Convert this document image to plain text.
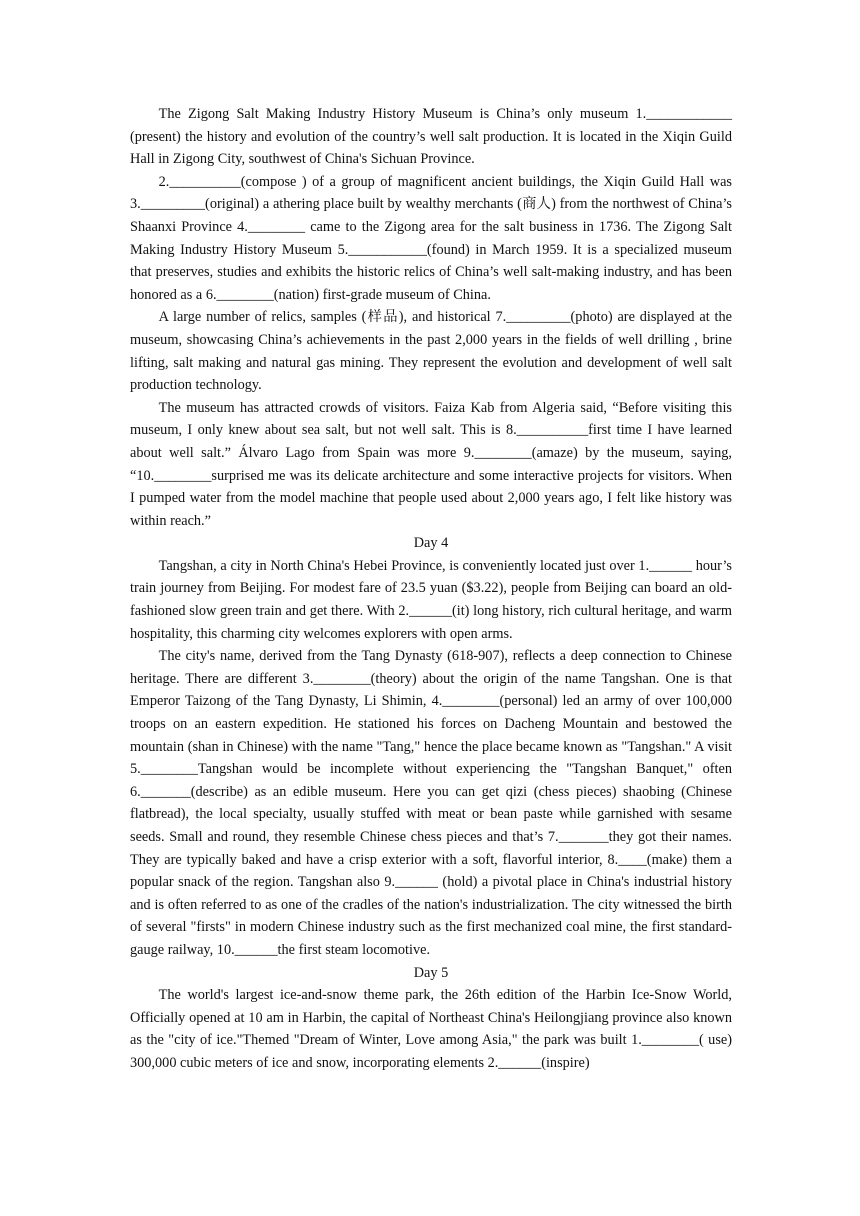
The Zigong Salt Making Industry History Museum is China’s only museum 1.____________ (present) the history and evolution of the country’s well salt production. It is located in the Xiqin Guild Hall in Zigong City, southwest of China's Sichuan Province.

2.__________(compose ) of a group of magnificent ancient buildings, the Xiqin Guild Hall was 3._________(original) a athering place built by wealthy merchants (商人) from the northwest of China’s Shaanxi Province 4.________ came to the Zigong area for the salt business in 1736. The Zigong Salt Making Industry History Museum 5.___________(found) in March 1959. It is a specialized museum that preserves, studies and exhibits the historic relics of China’s well salt-making industry, and has been honored as a 6.________(nation) first-grade museum of China.

A large number of relics, samples (样品), and historical 7._________(photo) are displayed at the museum, showcasing China’s achievements in the past 2,000 years in the fields of well drilling , brine lifting, salt making and natural gas mining. They represent the evolution and development of well salt production technology.

The museum has attracted crowds of visitors. Faiza Kab from Algeria said, “Before visiting this museum, I only knew about sea salt, but not well salt. This is 8.__________first time I have learned about well salt.” Álvaro Lago from Spain was more 9.________(amaze) by the museum, saying, “10.________surprised me was its delicate architecture and some interactive projects for visitors. When I pumped water from the model machine that people used about 2,000 years ago, I felt like history was within reach.”

Day 4

Tangshan, a city in North China's Hebei Province, is conveniently located just over 1.______ hour’s train journey from Beijing. For modest fare of 23.5 yuan ($3.22), people from Beijing can board an old-fashioned slow green train and get there. With 2.______(it) long history, rich cultural heritage, and warm hospitality, this charming city welcomes explorers with open arms.

The city's name, derived from the Tang Dynasty (618-907), reflects a deep connection to Chinese heritage. There are different 3.________(theory) about the origin of the name Tangshan. One is that Emperor Taizong of the Tang Dynasty, Li Shimin, 4.________(personal) led an army of over 100,000 troops on an eastern expedition. He stationed his forces on Dacheng Mountain and bestowed the mountain (shan in Chinese) with the name "Tang," hence the place became known as "Tangshan." A visit 5.________Tangshan would be incomplete without experiencing the "Tangshan Banquet," often 6._______(describe) as an edible museum. Here you can get qizi (chess pieces) shaobing (Chinese flatbread), the local specialty, usually stuffed with meat or bean paste while garnished with sesame seeds. Small and round, they resemble Chinese chess pieces and that’s 7._______they got their names. They are typically baked and have a crisp exterior with a soft, flavorful interior, 8.____(make) them a popular snack of the region. Tangshan also 9.______ (hold) a pivotal place in China's industrial history and is often referred to as one of the cradles of the nation's industrialization. The city witnessed the birth of several "firsts" in modern Chinese industry such as the first mechanized coal mine, the first standard-gauge railway, 10.______the first steam locomotive.

Day 5

The world's largest ice-and-snow theme park, the 26th edition of the Harbin Ice-Snow World, Officially opened at 10 am in Harbin, the capital of Northeast China's Heilongjiang province also known as the "city of ice."Themed "Dream of Winter, Love among Asia," the park was built 1.________( use) 300,000 cubic meters of ice and snow, incorporating elements 2.______(inspire)
